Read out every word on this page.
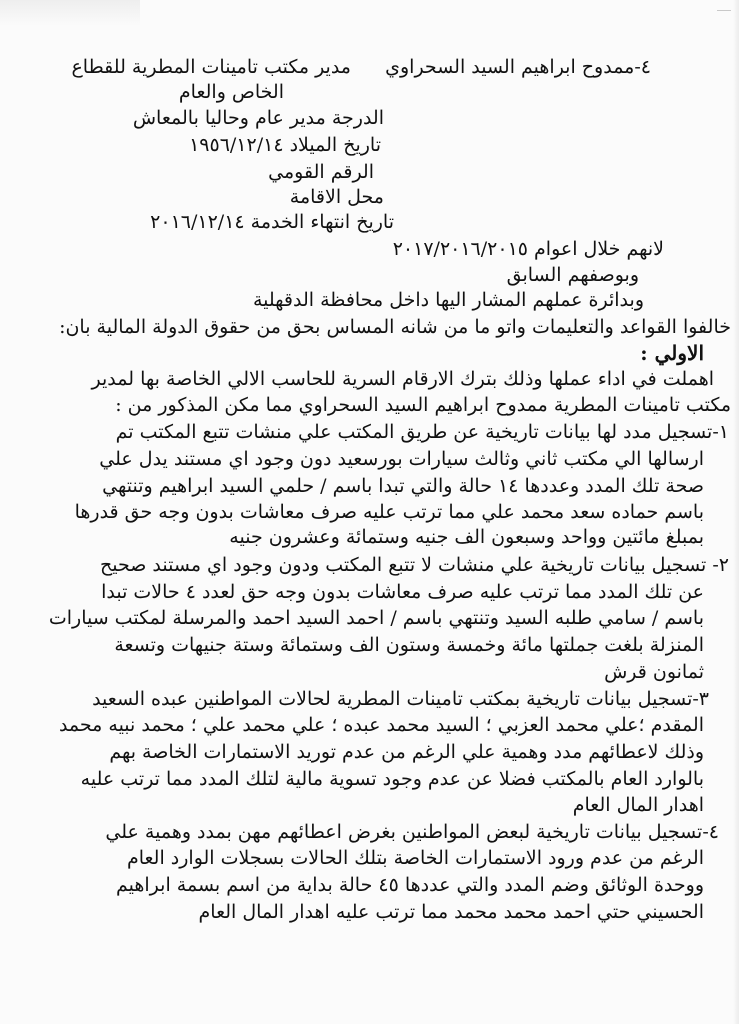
٤-ممدوح ابراهيم السيد السحراوي
مدير مكتب تامينات المطرية للقطاع
الخاص والعام
الدرجة مدير عام وحاليا بالمعاش
تاريخ الميلاد ١٩٥٦/١٢/١٤
الرقم القومي
محل الاقامة
تاريخ انتهاء الخدمة ٢٠١٦/١٢/١٤
لانهم خلال اعوام ٢٠١٧/٢٠١٦/٢٠١٥
وبوصفهم السابق
وبدائرة عملهم المشار اليها داخل محافظة الدقهلية
خالفوا القواعد والتعليمات واتو ما من شانه المساس بحق من حقوق الدولة المالية بان:
الاولي :
اهملت في اداء عملها وذلك بترك الارقام السرية للحاسب الالي الخاصة بها لمدير
مكتب تامينات المطرية ممدوح ابراهيم السيد السحراوي مما مكن المذكور من :
١-تسجيل مدد لها بيانات تاريخية عن طريق المكتب علي منشات تتبع المكتب تم
ارسالها الي مكتب ثاني وثالث سيارات بورسعيد دون وجود اي مستند يدل علي
صحة تلك المدد وعددها ١٤ حالة والتي تبدا باسم / حلمي السيد ابراهيم وتنتهي
باسم حماده سعد محمد علي مما ترتب عليه صرف معاشات بدون وجه حق قدرها
بمبلغ مائتين وواحد وسبعون الف جنيه وستمائة وعشرون جنيه
٢- تسجيل بيانات تاريخية علي منشات لا تتبع المكتب ودون وجود اي مستند صحيح
عن تلك المدد مما ترتب عليه صرف معاشات بدون وجه حق لعدد ٤ حالات تبدا
باسم / سامي طلبه السيد وتنتهي باسم / احمد السيد احمد والمرسلة لمكتب سيارات
المنزلة بلغت جملتها مائة وخمسة وستون الف وستمائة وستة جنيهات وتسعة
ثمانون قرش
٣-تسجيل بيانات تاريخية بمكتب تامينات المطرية لحالات المواطنين عبده السعيد
المقدم ؛علي محمد العزبي ؛ السيد محمد عبده ؛ علي محمد علي ؛ محمد نبيه محمد
وذلك لاعطائهم مدد وهمية علي الرغم من عدم توريد الاستمارات الخاصة بهم
بالوارد العام بالمكتب فضلا عن عدم وجود تسوية مالية لتلك المدد مما ترتب عليه
اهدار المال العام
٤-تسجيل بيانات تاريخية لبعض المواطنين بغرض اعطائهم مهن بمدد وهمية علي
الرغم من عدم ورود الاستمارات الخاصة بتلك الحالات بسجلات الوارد العام
ووحدة الوثائق وضم المدد والتي عددها ٤٥ حالة بداية من اسم بسمة ابراهيم
الحسيني حتي احمد محمد محمد مما ترتب عليه اهدار المال العام
